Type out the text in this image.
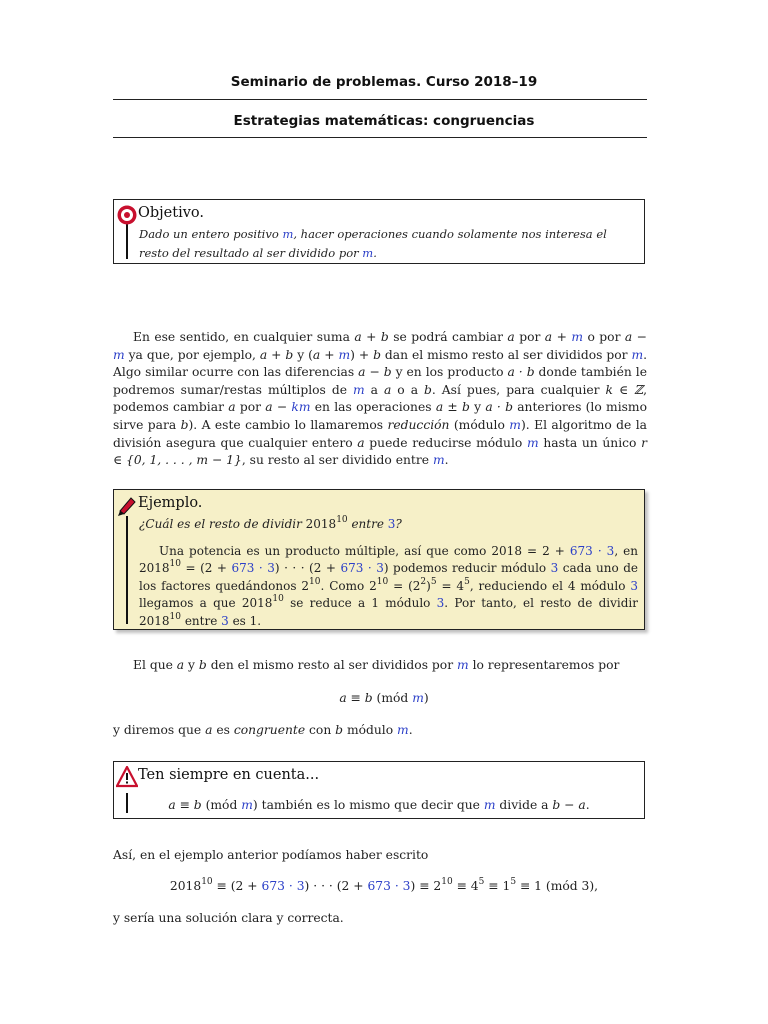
Seminario de problemas. Curso 2018–19
Estrategias matemáticas: congruencias
Objetivo.
Dado un entero positivo m, hacer operaciones cuando solamente nos interesa el resto del resultado al ser dividido por m.
En ese sentido, en cualquier suma a + b se podrá cambiar a por a + m o por a − m ya que, por ejemplo, a + b y (a + m) + b dan el mismo resto al ser divididos por m. Algo similar ocurre con las diferencias a − b y en los producto a · b donde también le podremos sumar/restas múltiplos de m a a o a b. Así pues, para cualquier k ∈ ℤ, podemos cambiar a por a − km en las operaciones a ± b y a · b anteriores (lo mismo sirve para b). A este cambio lo llamaremos reducción (módulo m). El algoritmo de la división asegura que cualquier entero a puede reducirse módulo m hasta un único r ∈ {0, 1, . . . , m − 1}, su resto al ser dividido entre m.
Ejemplo.
¿Cuál es el resto de dividir 2018$^{10}$ entre 3?
Una potencia es un producto múltiple, así que como 2018 = 2 + 673 · 3, en $2018^{10} = (2 + 673 \cdot 3)$ · · · (2 + 673 · 3) podemos reducir módulo 3 cada uno de los factores quedándonos $2^{10}$. Como $2^{10} = (2^2)^5 = 4^5$, reduciendo el 4 módulo 3 llegamos a que 2018$^{10}$ se reduce a 1 módulo 3. Por tanto, el resto de dividir 2018$^{10}$ entre 3 es 1.
El que a y b den el mismo resto al ser divididos por m lo representaremos por
a ≡ b (mód m)
y diremos que a es congruente con b módulo m.
Ten siempre en cuenta...
a ≡ b (mód m) también es lo mismo que decir que m divide a b − a.
Así, en el ejemplo anterior podíamos haber escrito
$2018^{10} \equiv (2 + 673 \cdot 3)$ · · · $(2 + 673 \cdot 3) \equiv 2^{10} \equiv 4^5 \equiv 1^5 \equiv 1$ (mód 3),
y sería una solución clara y correcta.
